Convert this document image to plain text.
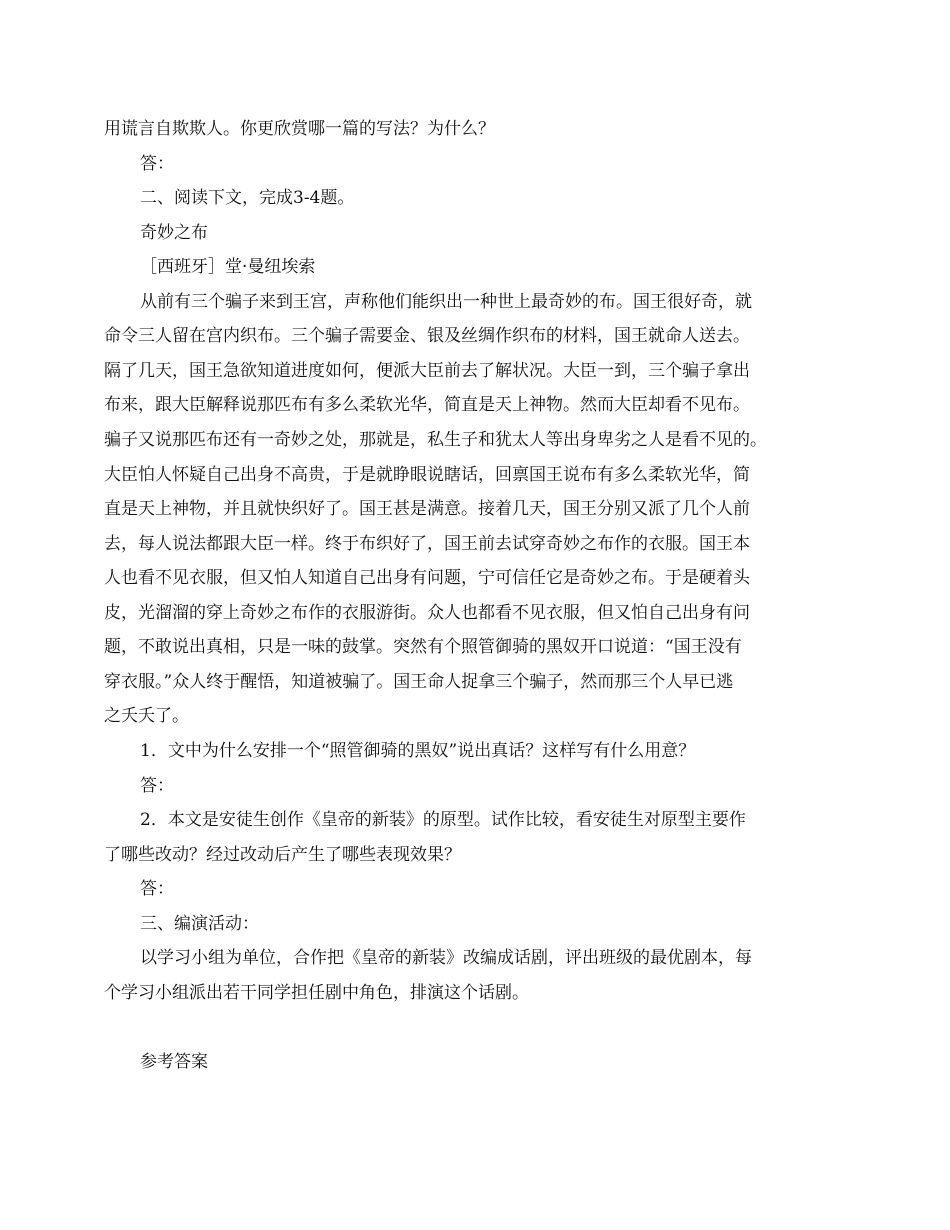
用谎言自欺欺人。你更欣赏哪一篇的写法？为什么？
答：
二、阅读下文，完成3-4题。
奇妙之布
［西班牙］堂·曼纽埃索
从前有三个骗子来到王宫，声称他们能织出一种世上最奇妙的布。国王很好奇，就
命令三人留在宫内织布。三个骗子需要金、银及丝绸作织布的材料，国王就命人送去。
隔了几天，国王急欲知道进度如何，便派大臣前去了解状况。大臣一到，三个骗子拿出
布来，跟大臣解释说那匹布有多么柔软光华，简直是天上神物。然而大臣却看不见布。
骗子又说那匹布还有一奇妙之处，那就是，私生子和犹太人等出身卑劣之人是看不见的。
大臣怕人怀疑自己出身不高贵，于是就睁眼说瞎话，回禀国王说布有多么柔软光华，简
直是天上神物，并且就快织好了。国王甚是满意。接着几天，国王分别又派了几个人前
去，每人说法都跟大臣一样。终于布织好了，国王前去试穿奇妙之布作的衣服。国王本
人也看不见衣服，但又怕人知道自己出身有问题，宁可信任它是奇妙之布。于是硬着头
皮，光溜溜的穿上奇妙之布作的衣服游街。众人也都看不见衣服，但又怕自己出身有问
题，不敢说出真相，只是一味的鼓掌。突然有个照管御骑的黑奴开口说道：“国王没有
穿衣服。”众人终于醒悟，知道被骗了。国王命人捉拿三个骗子，然而那三个人早已逃
之夭夭了。
1．文中为什么安排一个“照管御骑的黑奴”说出真话？这样写有什么用意？
答：
2．本文是安徒生创作《皇帝的新装》的原型。试作比较，看安徒生对原型主要作
了哪些改动？经过改动后产生了哪些表现效果？
答：
三、编演活动：
以学习小组为单位，合作把《皇帝的新装》改编成话剧，评出班级的最优剧本，每
个学习小组派出若干同学担任剧中角色，排演这个话剧。
参考答案
